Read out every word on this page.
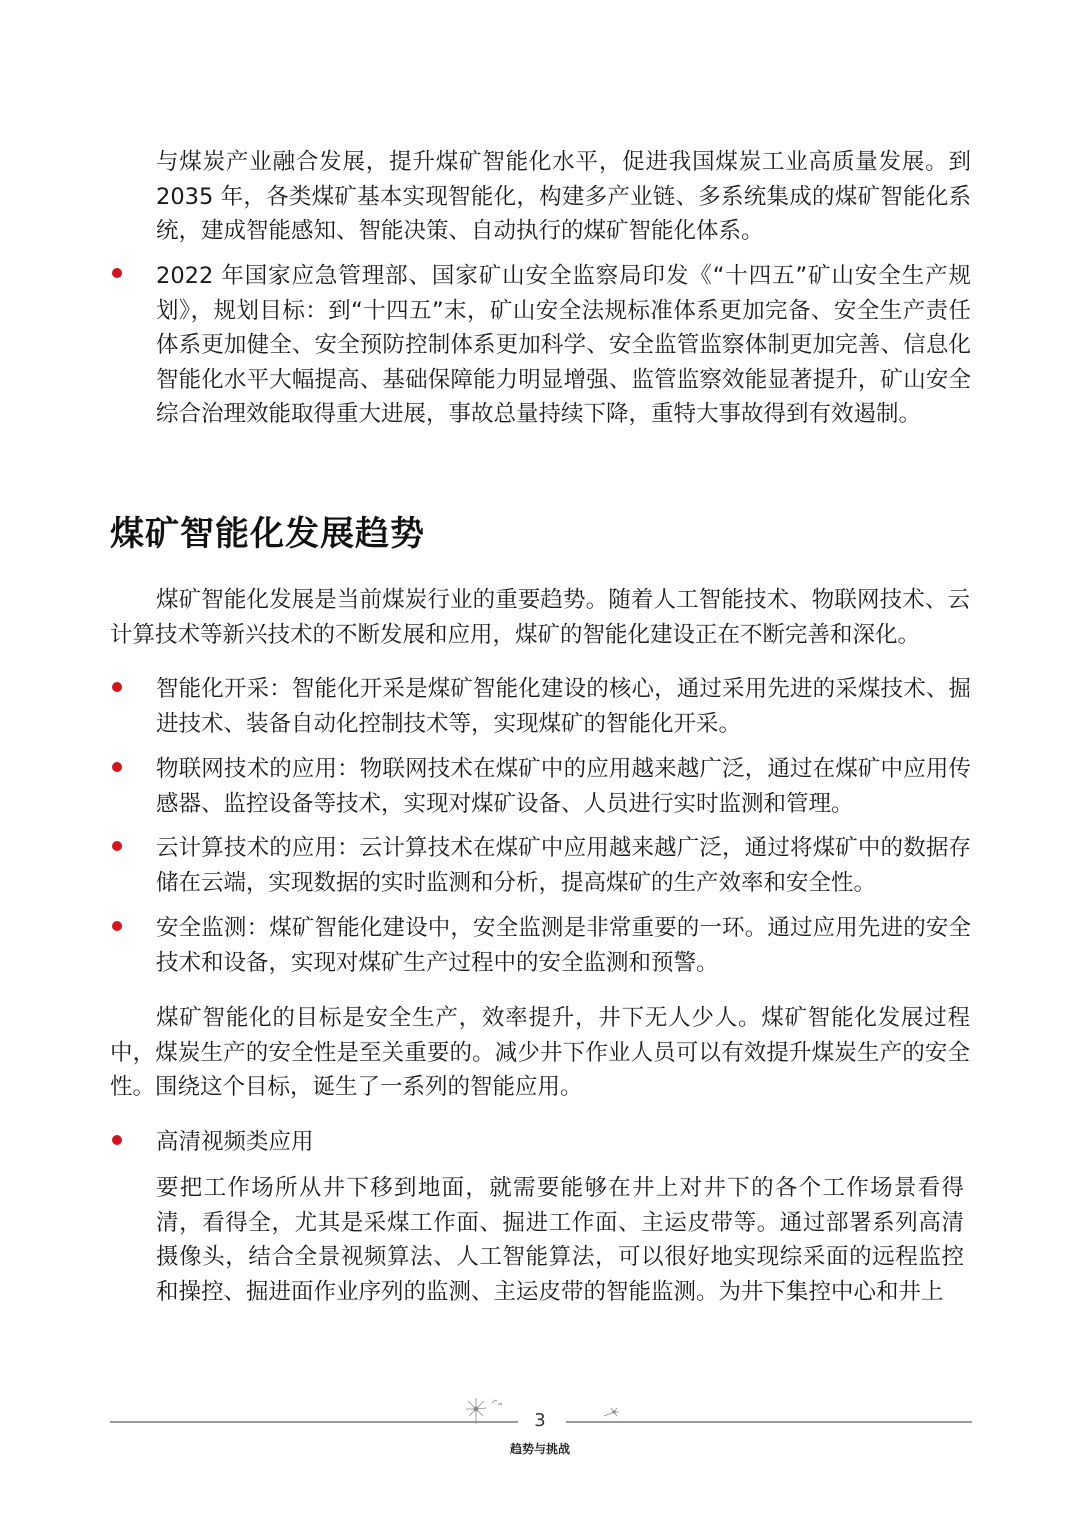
与煤炭产业融合发展，提升煤矿智能化水平，促进我国煤炭工业高质量发展。到 2035 年，各类煤矿基本实现智能化，构建多产业链、多系统集成的煤矿智能化系统，建成智能感知、智能决策、自动执行的煤矿智能化体系。

2022 年国家应急管理部、国家矿山安全监察局印发《“十四五”矿山安全生产规划》，规划目标：到“十四五”末，矿山安全法规标准体系更加完备、安全生产责任体系更加健全、安全预防控制体系更加科学、安全监管监察体制更加完善、信息化智能化水平大幅提高、基础保障能力明显增强、监管监察效能显著提升，矿山安全综合治理效能取得重大进展，事故总量持续下降，重特大事故得到有效遏制。

煤矿智能化发展趋势

煤矿智能化发展是当前煤炭行业的重要趋势。随着人工智能技术、物联网技术、云计算技术等新兴技术的不断发展和应用，煤矿的智能化建设正在不断完善和深化。

智能化开采：智能化开采是煤矿智能化建设的核心，通过采用先进的采煤技术、掘进技术、装备自动化控制技术等，实现煤矿的智能化开采。

物联网技术的应用：物联网技术在煤矿中的应用越来越广泛，通过在煤矿中应用传感器、监控设备等技术，实现对煤矿设备、人员进行实时监测和管理。

云计算技术的应用：云计算技术在煤矿中应用越来越广泛，通过将煤矿中的数据存储在云端，实现数据的实时监测和分析，提高煤矿的生产效率和安全性。

安全监测：煤矿智能化建设中，安全监测是非常重要的一环。通过应用先进的安全技术和设备，实现对煤矿生产过程中的安全监测和预警。

煤矿智能化的目标是安全生产，效率提升，井下无人少人。煤矿智能化发展过程中，煤炭生产的安全性是至关重要的。减少井下作业人员可以有效提升煤炭生产的安全性。围绕这个目标，诞生了一系列的智能应用。

高清视频类应用

要把工作场所从井下移到地面，就需要能够在井上对井下的各个工作场景看得清，看得全，尤其是采煤工作面、掘进工作面、主运皮带等。通过部署系列高清摄像头，结合全景视频算法、人工智能算法，可以很好地实现综采面的远程监控和操控、掘进面作业序列的监测、主运皮带的智能监测。为井下集控中心和井上

3
趋势与挑战
